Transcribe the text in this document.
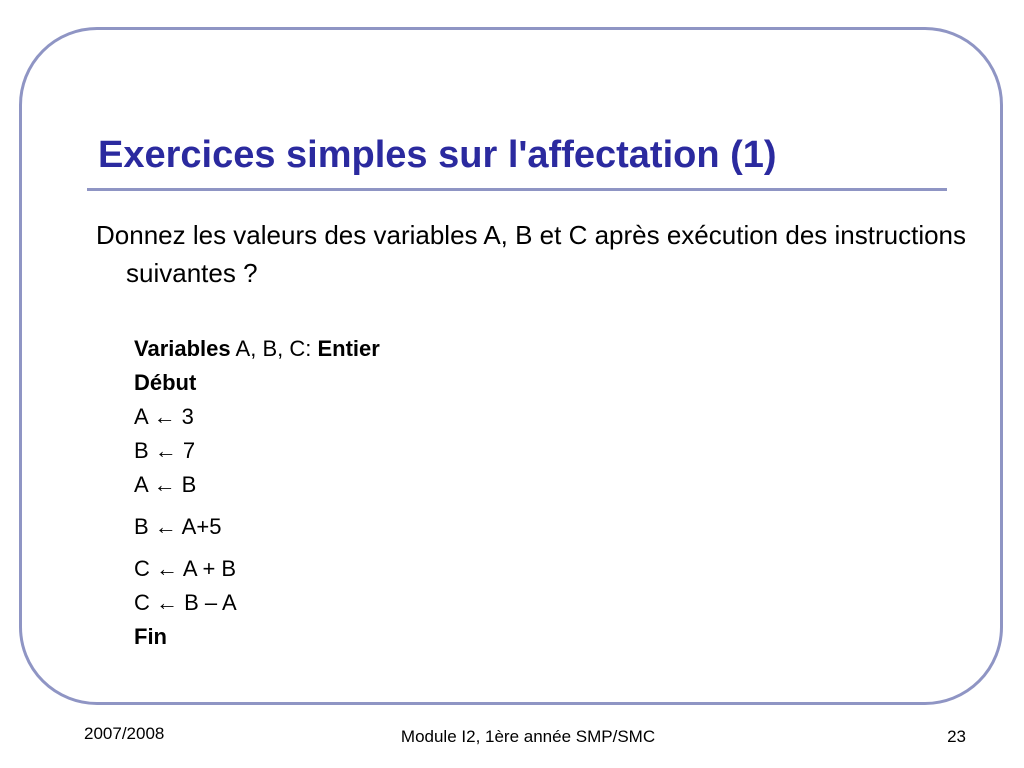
Exercices simples sur l'affectation (1)

Donnez les valeurs des variables A, B et C après exécution des instructions suivantes ?

Variables A, B, C: Entier
Début
A ← 3
B ← 7
A ← B
B ← A+5
C ← A + B
C ← B – A
Fin
2007/2008	Module I2, 1ère année SMP/SMC	23
